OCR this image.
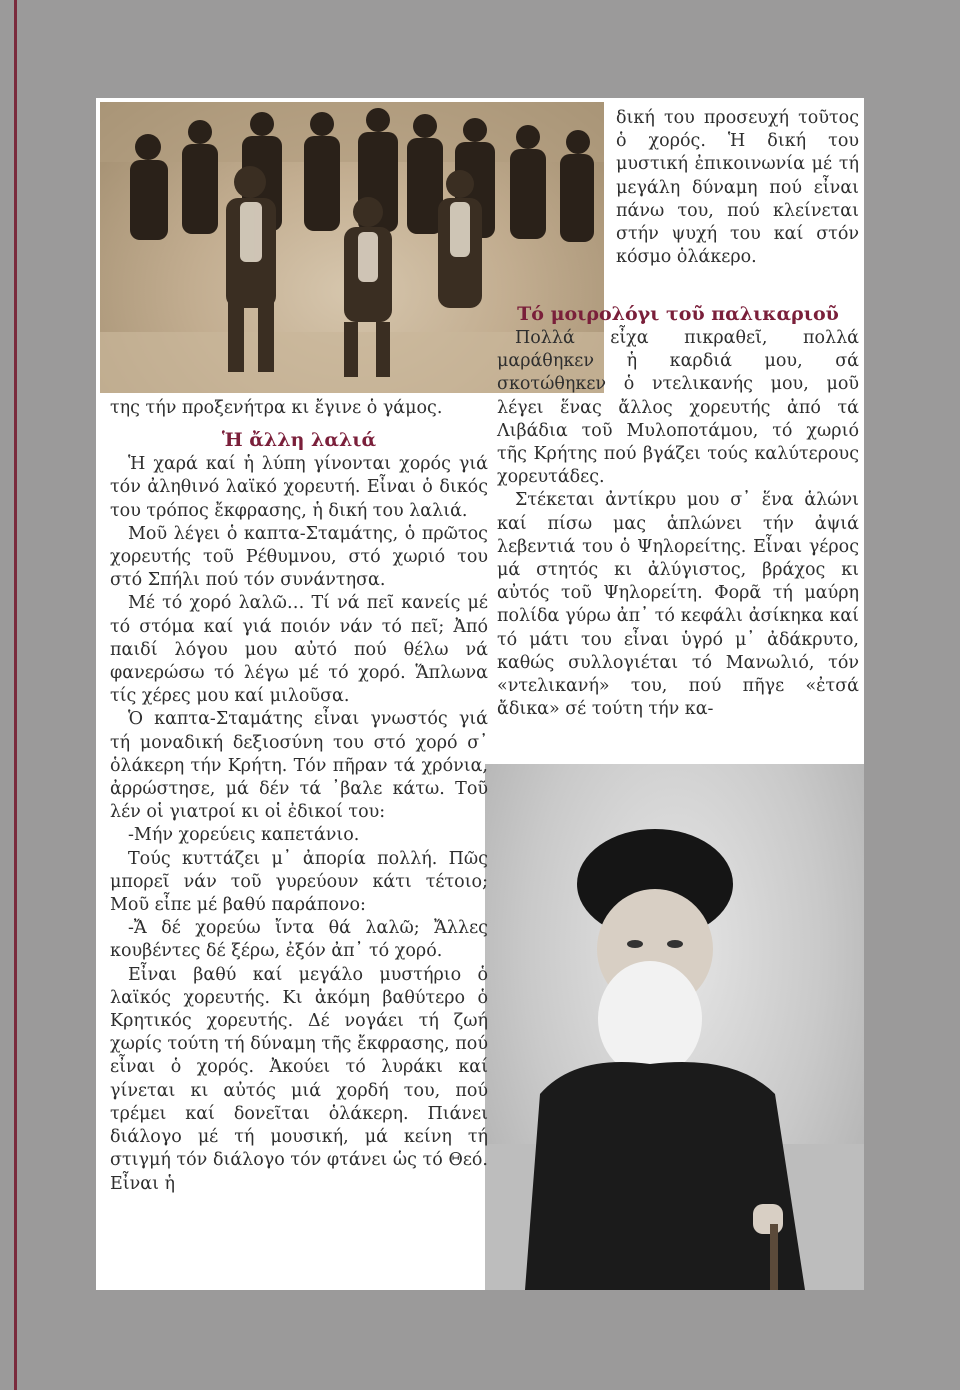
δική του προσευχή τοῦτος ὁ χορός. Ἡ δική του μυστική ἐπικοινωνία μέ τή μεγάλη δύναμη πού εἶναι πάνω του, πού κλείνεται στήν ψυχή του καί στόν κόσμο ὁλάκερο.

Τό μοιρολόγι τοῦ παλικαριοῦ

Πολλά εἶχα πικραθεῖ, πολλά μαράθηκεν ἡ καρδιά μου, σά σκοτώθηκεν ὁ ντελικανής μου, μοῦ λέγει ἕνας ἄλλος χορευτής ἀπό τά Λιβάδια τοῦ Μυλοποτάμου, τό χωριό τῆς Κρήτης πού βγάζει τούς καλύτερους χορευτάδες.

Στέκεται ἀντίκρυ μου σ᾽ ἕνα ἁλώνι καί πίσω μας ἁπλώνει τήν ἀψιά λεβεντιά του ὁ Ψηλορείτης. Εἶναι γέρος μά στητός κι ἀλύγιστος, βράχος κι αὐτός τοῦ Ψηλορείτη. Φορᾶ τή μαύρη πολίδα γύρω ἀπ᾽ τό κεφάλι ἀσίκηκα καί τό μάτι του εἶναι ὑγρό μ᾽ ἀδάκρυτο, καθώς συλλογιέται τό Μανωλιό, τόν «ντελικανή» του, πού πῆγε «ἐτσά ἄδικα» σέ τούτη τήν κα-

της τήν προξενήτρα κι ἔγινε ὁ γάμος.

Ἡ ἄλλη λαλιά

Ἡ χαρά καί ἡ λύπη γίνονται χορός γιά τόν ἀληθινό λαϊκό χορευτή. Εἶναι ὁ δικός του τρόπος ἔκφρασης, ἡ δική του λαλιά.

Μοῦ λέγει ὁ καπτα-Σταμάτης, ὁ πρῶτος χορευτής τοῦ Ρέθυμνου, στό χωριό του στό Σπήλι πού τόν συνάντησα.

Μέ τό χορό λαλῶ… Τί νά πεῖ κανείς μέ τό στόμα καί γιά ποιόν νάν τό πεῖ; Ἀπό παιδί λόγου μου αὐτό πού θέλω νά φανερώσω τό λέγω μέ τό χορό. Ἅπλωνα τίς χέρες μου καί μιλοῦσα.

Ὁ καπτα-Σταμάτης εἶναι γνωστός γιά τή μοναδική δεξιοσύνη του στό χορό σ᾽ ὁλάκερη τήν Κρήτη. Τόν πῆραν τά χρόνια, ἀρρώστησε, μά δέν τά ᾽βαλε κάτω. Τοῦ λέν οἱ γιατροί κι οἱ ἐδικοί του:

-Μήν χορεύεις καπετάνιο.

Τούς κυττάζει μ᾽ ἀπορία πολλή. Πῶς μπορεῖ νάν τοῦ γυρεύουν κάτι τέτοιο; Μοῦ εἶπε μέ βαθύ παράπονο:

-Ἄ δέ χορεύω ἴντα θά λαλῶ; Ἄλλες κουβέντες δέ ξέρω, ἐξόν ἀπ᾽ τό χορό.

Εἶναι βαθύ καί μεγάλο μυστήριο ὁ λαϊκός χορευτής. Κι ἀκόμη βαθύτερο ὁ Κρητικός χορευτής. Δέ νογάει τή ζωή χωρίς τούτη τή δύναμη τῆς ἔκφρασης, πού εἶναι ὁ χορός. Ἀκούει τό λυράκι καί γίνεται κι αὐτός μιά χορδή του, πού τρέμει καί δονεῖται ὁλάκερη. Πιάνει διάλογο μέ τή μουσική, μά κείνη τή στιγμή τόν διάλογο τόν φτάνει ὡς τό Θεό. Εἶναι ἡ
